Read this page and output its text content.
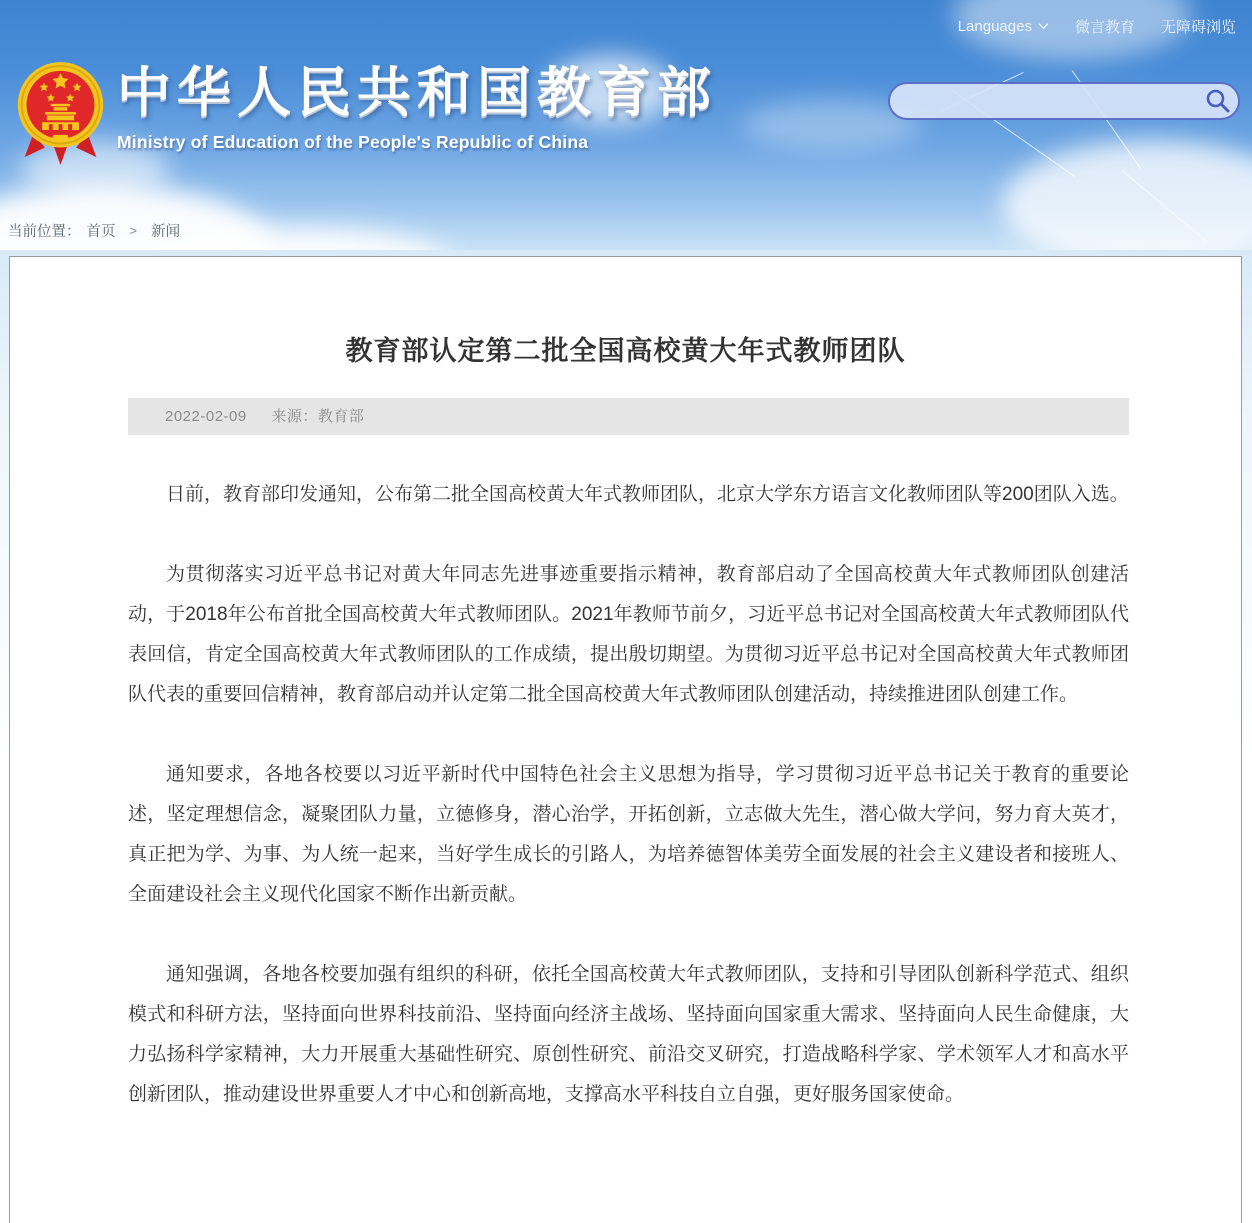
Languages	微言教育 无障碍浏览
中华人民共和国教育部
Ministry of Education of the People's Republic of China
当前位置： 首页	> 新闻
教育部认定第二批全国高校黄大年式教师团队
2022-02-09 来源：教育部

日前，教育部印发通知，公布第二批全国高校黄大年式教师团队，北京大学东方语言文化教师团队等200团队入选。

为贯彻落实习近平总书记对黄大年同志先进事迹重要指示精神，教育部启动了全国高校黄大年式教师团队创建活动，于2018年公布首批全国高校黄大年式教师团队。2021年教师节前夕，习近平总书记对全国高校黄大年式教师团队代表回信，肯定全国高校黄大年式教师团队的工作成绩，提出殷切期望。为贯彻习近平总书记对全国高校黄大年式教师团队代表的重要回信精神，教育部启动并认定第二批全国高校黄大年式教师团队创建活动，持续推进团队创建工作。

通知要求，各地各校要以习近平新时代中国特色社会主义思想为指导，学习贯彻习近平总书记关于教育的重要论述，坚定理想信念，凝聚团队力量，立德修身，潜心治学，开拓创新，立志做大先生，潜心做大学问，努力育大英才，真正把为学、为事、为人统一起来，当好学生成长的引路人，为培养德智体美劳全面发展的社会主义建设者和接班人、全面建设社会主义现代化国家不断作出新贡献。

通知强调，各地各校要加强有组织的科研，依托全国高校黄大年式教师团队，支持和引导团队创新科学范式、组织模式和科研方法，坚持面向世界科技前沿、坚持面向经济主战场、坚持面向国家重大需求、坚持面向人民生命健康，大力弘扬科学家精神，大力开展重大基础性研究、原创性研究、前沿交叉研究，打造战略科学家、学术领军人才和高水平创新团队，推动建设世界重要人才中心和创新高地，支撑高水平科技自立自强，更好服务国家使命。
